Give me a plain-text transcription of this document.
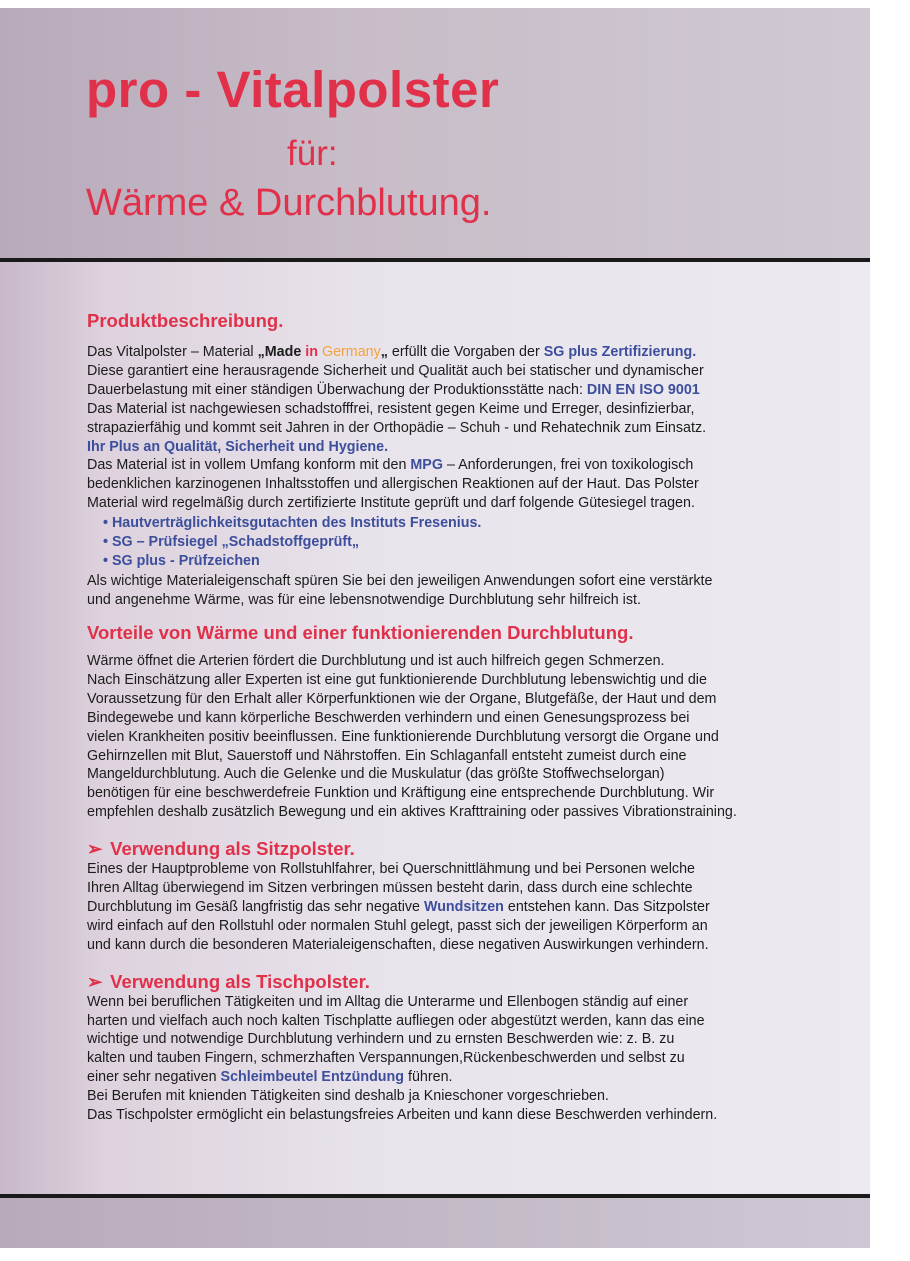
pro - Vitalpolster
für:
Wärme & Durchblutung.
Produktbeschreibung.

Das Vitalpolster – Material „Made in Germany„ erfüllt die Vorgaben der SG plus Zertifizierung.

Diese garantiert eine herausragende Sicherheit und Qualität auch bei statischer und dynamischer

Dauerbelastung mit einer ständigen Überwachung der Produktionsstätte nach: DIN EN ISO 9001

Das Material ist nachgewiesen schadstofffrei, resistent gegen Keime und Erreger, desinfizierbar,

strapazierfähig und kommt seit Jahren in der Orthopädie – Schuh - und Rehatechnik zum Einsatz.

Ihr Plus an Qualität, Sicherheit und Hygiene.

Das Material ist in vollem Umfang konform mit den MPG – Anforderungen, frei von toxikologisch

bedenklichen karzinogenen Inhaltsstoffen und allergischen Reaktionen auf der Haut. Das Polster

Material wird regelmäßig durch zertifizierte Institute geprüft und darf folgende Gütesiegel tragen.

• Hautverträglichkeitsgutachten des Instituts Fresenius.
• SG – Prüfsiegel „Schadstoffgeprüft„
• SG plus - Prüfzeichen

Als wichtige Materialeigenschaft spüren Sie bei den jeweiligen Anwendungen sofort eine verstärkte

und angenehme Wärme, was für eine lebensnotwendige Durchblutung sehr hilfreich ist.

Vorteile von Wärme und einer funktionierenden Durchblutung.

Wärme öffnet die Arterien fördert die Durchblutung und ist auch hilfreich gegen Schmerzen.

Nach Einschätzung aller Experten ist eine gut funktionierende Durchblutung lebenswichtig und die

Voraussetzung für den Erhalt aller Körperfunktionen wie der Organe, Blutgefäße, der Haut und dem

Bindegewebe und kann körperliche Beschwerden verhindern und einen Genesungsprozess bei

vielen Krankheiten positiv beeinflussen. Eine funktionierende Durchblutung versorgt die Organe und

Gehirnzellen mit Blut, Sauerstoff und Nährstoffen. Ein Schlaganfall entsteht zumeist durch eine

Mangeldurchblutung. Auch die Gelenke und die Muskulatur (das größte Stoffwechselorgan)

benötigen für eine beschwerdefreie Funktion und Kräftigung eine entsprechende Durchblutung. Wir

empfehlen deshalb zusätzlich Bewegung und ein aktives Krafttraining oder passives Vibrationstraining.

➢ Verwendung als Sitzpolster.

Eines der Hauptprobleme von Rollstuhlfahrer, bei Querschnittlähmung und bei Personen welche

Ihren Alltag überwiegend im Sitzen verbringen müssen besteht darin, dass durch eine schlechte

Durchblutung im Gesäß langfristig das sehr negative Wundsitzen entstehen kann. Das Sitzpolster

wird einfach auf den Rollstuhl oder normalen Stuhl gelegt, passt sich der jeweiligen Körperform an

und kann durch die besonderen Materialeigenschaften, diese negativen Auswirkungen verhindern.

➢ Verwendung als Tischpolster.

Wenn bei beruflichen Tätigkeiten und im Alltag die Unterarme und Ellenbogen ständig auf einer

harten und vielfach auch noch kalten Tischplatte aufliegen oder abgestützt werden, kann das eine

wichtige und notwendige Durchblutung verhindern und zu ernsten Beschwerden wie: z. B. zu

kalten und tauben Fingern, schmerzhaften Verspannungen,Rückenbeschwerden und selbst zu

einer sehr negativen Schleimbeutel Entzündung führen.

Bei Berufen mit knienden Tätigkeiten sind deshalb ja Knieschoner vorgeschrieben.

Das Tischpolster ermöglicht ein belastungsfreies Arbeiten und kann diese Beschwerden verhindern.
